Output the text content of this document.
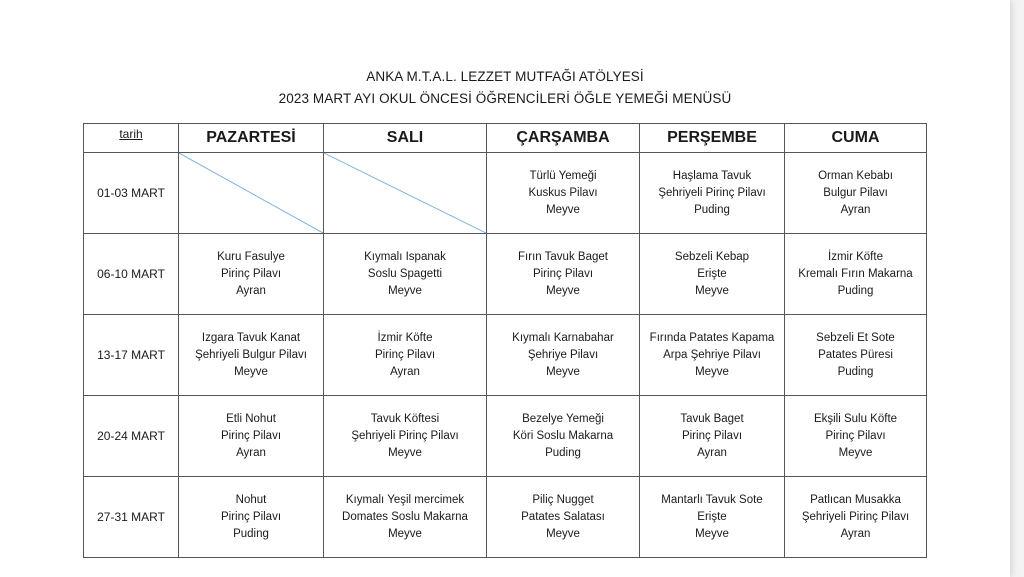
ANKA M.T.A.L. LEZZET MUTFAĞI ATÖLYESİ
2023 MART AYI OKUL ÖNCESİ ÖĞRENCİLERİ ÖĞLE YEMEĞİ MENÜSÜ
tarih	PAZARTESİ	SALI	ÇARŞAMBA	PERŞEMBE	CUMA
01-03 MART			Türlü Yemeği
Kuskus Pilavı
Meyve	Haşlama Tavuk
Şehriyeli Pirinç Pilavı
Puding	Orman Kebabı
Bulgur Pilavı
Ayran

06-10 MART	Kuru Fasulye
Pirinç Pilavı
Ayran	Kıymalı Ispanak
Soslu Spagetti
Meyve	Fırın Tavuk Baget
Pirinç Pilavı
Meyve	Sebzeli Kebap
Erişte
Meyve	İzmir Köfte
Kremalı Fırın Makarna
Puding

13-17 MART	Izgara Tavuk Kanat
Şehriyeli Bulgur Pilavı
Meyve	İzmir Köfte
Pirinç Pilavı
Ayran	Kıymalı Karnabahar
Şehriye Pilavı
Meyve	Fırında Patates Kapama
Arpa Şehriye Pilavı
Meyve	Sebzeli Et Sote
Patates Püresi
Puding

20-24 MART	Etli Nohut
Pirinç Pilavı
Ayran	Tavuk Köftesi
Şehriyeli Pirinç Pilavı
Meyve	Bezelye Yemeği
Köri Soslu Makarna
Puding	Tavuk Baget
Pirinç Pilavı
Ayran	Ekşili Sulu Köfte
Pirinç Pilavı
Meyve

27-31 MART	Nohut
Pirinç Pilavı
Puding	Kıymalı Yeşil mercimek
Domates Soslu Makarna
Meyve	Piliç Nugget
Patates Salatası
Meyve	Mantarlı Tavuk Sote
Erişte
Meyve	Patlıcan Musakka
Şehriyeli Pirinç Pilavı
Ayran
